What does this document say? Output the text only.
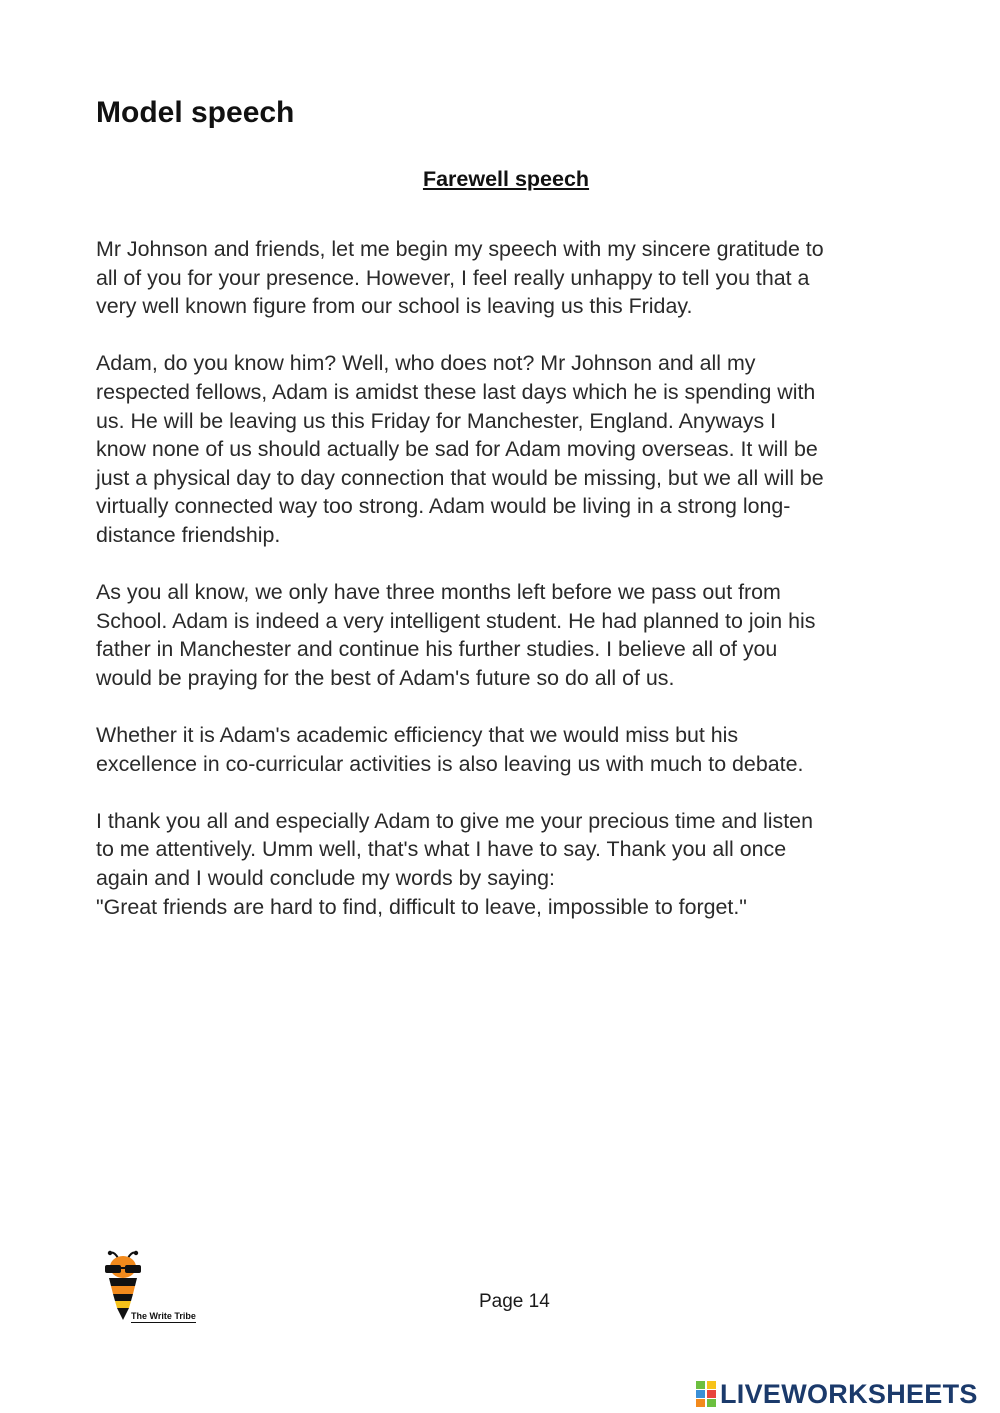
Model speech
Farewell speech

Mr Johnson and friends, let me begin my speech with my sincere gratitude to
all of you for your presence. However, I feel really unhappy to tell you that a
very well known figure from our school is leaving us this Friday.

Adam, do you know him? Well, who does not? Mr Johnson and all my
respected fellows, Adam is amidst these last days which he is spending with
us. He will be leaving us this Friday for Manchester, England. Anyways I
know none of us should actually be sad for Adam moving overseas. It will be
just a physical day to day connection that would be missing, but we all will be
virtually connected way too strong. Adam would be living in a strong long-
distance friendship.

As you all know, we only have three months left before we pass out from
School. Adam is indeed a very intelligent student. He had planned to join his
father in Manchester and continue his further studies. I believe all of you
would be praying for the best of Adam's future so do all of us.

Whether it is Adam's academic efficiency that we would miss but his
excellence in co-curricular activities is also leaving us with much to debate.

I thank you all and especially Adam to give me your precious time and listen
to me attentively. Umm well, that's what I have to say. Thank you all once
again and I would conclude my words by saying:
"Great friends are hard to find, difficult to leave, impossible to forget."

The Write Tribe
Page 14
LIVEWORKSHEETS
